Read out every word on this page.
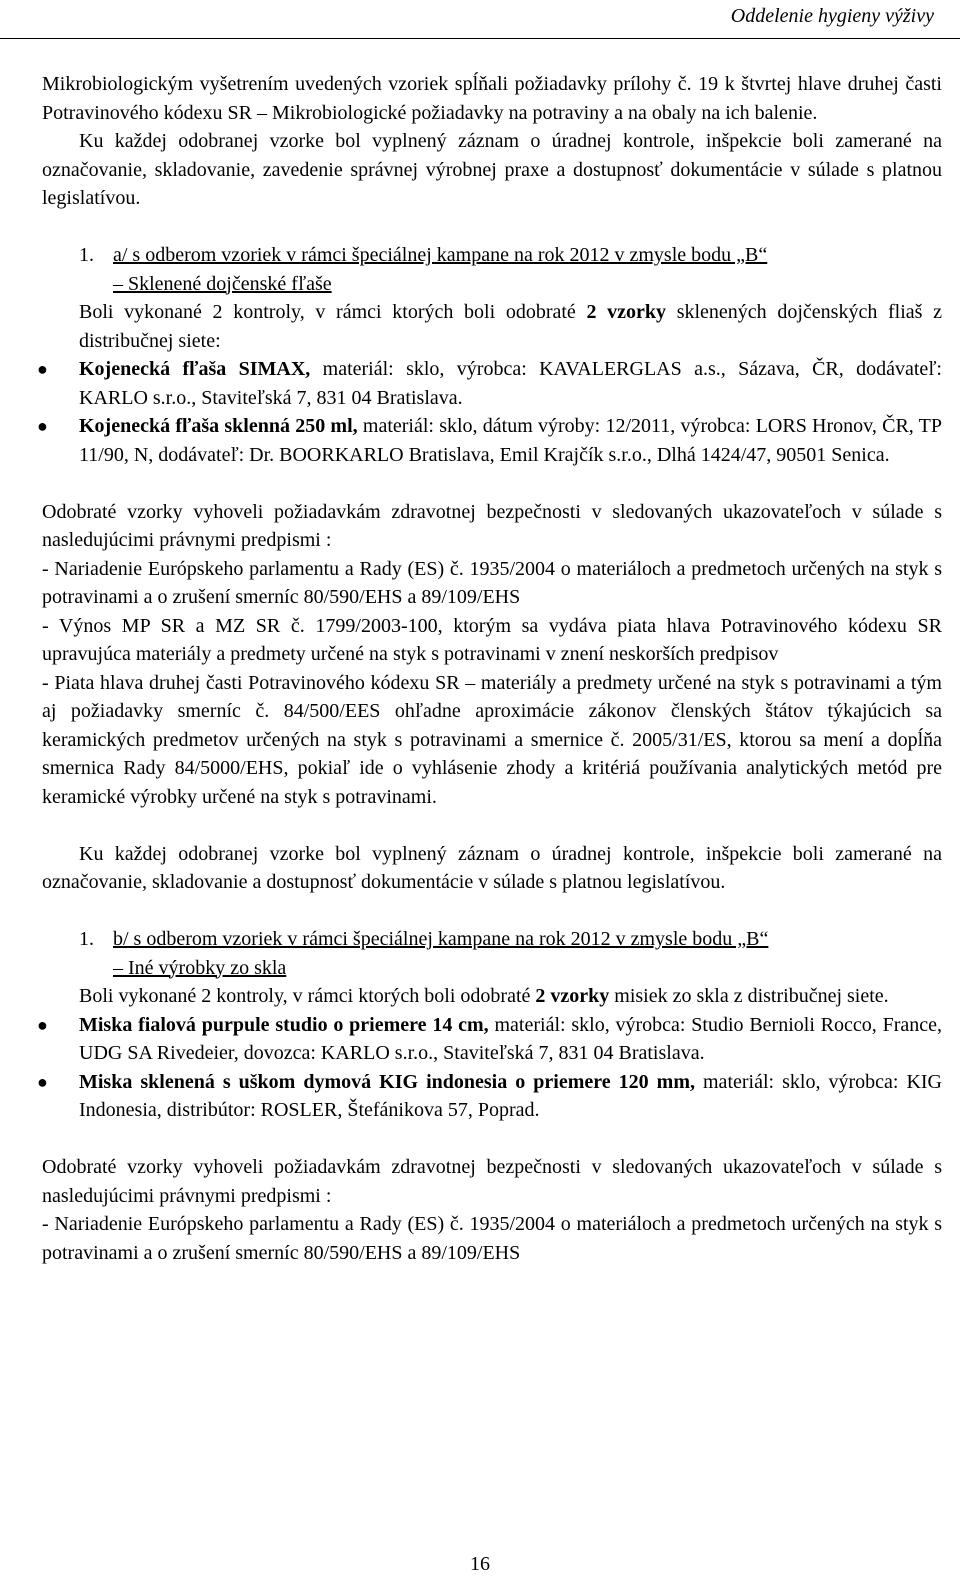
Oddelenie hygieny výživy

Mikrobiologickým vyšetrením uvedených vzoriek spĺňali požiadavky prílohy č. 19 k štvrtej hlave druhej časti Potravinového kódexu SR – Mikrobiologické požiadavky na potraviny a na obaly na ich balenie.

Ku každej odobranej vzorke bol vyplnený záznam o úradnej kontrole, inšpekcie boli zamerané na označovanie, skladovanie, zavedenie správnej výrobnej praxe a dostupnosť dokumentácie v súlade s platnou legislatívou.

1. a/ s odberom vzoriek v rámci špeciálnej kampane na rok 2012 v zmysle bodu „B“
– Sklenené dojčenské fľaše

Boli vykonané 2 kontroly, v rámci ktorých boli odobraté 2 vzorky sklenených dojčenských fliaš z distribučnej siete:

● Kojenecká fľaša SIMAX, materiál: sklo, výrobca: KAVALERGLAS a.s., Sázava, ČR, dodávateľ: KARLO s.r.o., Staviteľská 7, 831 04 Bratislava.
● Kojenecká fľaša sklenná 250 ml, materiál: sklo, dátum výroby: 12/2011, výrobca: LORS Hronov, ČR, TP 11/90, N, dodávateľ: Dr. BOORKARLO Bratislava, Emil Krajčík s.r.o., Dlhá 1424/47, 90501 Senica.

Odobraté vzorky vyhoveli požiadavkám zdravotnej bezpečnosti v sledovaných ukazovateľoch v súlade s nasledujúcimi právnymi predpismi :

- Nariadenie Európskeho parlamentu a Rady (ES) č. 1935/2004 o materiáloch a predmetoch určených na styk s potravinami a o zrušení smerníc 80/590/EHS a 89/109/EHS

- Výnos MP SR a MZ SR č. 1799/2003-100, ktorým sa vydáva piata hlava Potravinového kódexu SR upravujúca materiály a predmety určené na styk s potravinami v znení neskorších predpisov

- Piata hlava druhej časti Potravinového kódexu SR – materiály a predmety určené na styk s potravinami a tým aj požiadavky smerníc č. 84/500/EES ohľadne aproximácie zákonov členských štátov týkajúcich sa keramických predmetov určených na styk s potravinami a smernice č. 2005/31/ES, ktorou sa mení a dopĺňa smernica Rady 84/5000/EHS, pokiaľ ide o vyhlásenie zhody a kritériá používania analytických metód pre keramické výrobky určené na styk s potravinami.

Ku každej odobranej vzorke bol vyplnený záznam o úradnej kontrole, inšpekcie boli zamerané na označovanie, skladovanie a dostupnosť dokumentácie v súlade s platnou legislatívou.

1. b/ s odberom vzoriek v rámci špeciálnej kampane na rok 2012 v zmysle bodu „B“
– Iné výrobky zo skla

Boli vykonané 2 kontroly, v rámci ktorých boli odobraté 2 vzorky misiek zo skla z distribučnej siete.

● Miska fialová purpule studio o priemere 14 cm, materiál: sklo, výrobca: Studio Bernioli Rocco, France, UDG SA Rivedeier, dovozca: KARLO s.r.o., Staviteľská 7, 831 04 Bratislava.
● Miska sklenená s uškom dymová KIG indonesia o priemere 120 mm, materiál: sklo, výrobca: KIG Indonesia, distribútor: ROSLER, Štefánikova 57, Poprad.

Odobraté vzorky vyhoveli požiadavkám zdravotnej bezpečnosti v sledovaných ukazovateľoch v súlade s nasledujúcimi právnymi predpismi :

- Nariadenie Európskeho parlamentu a Rady (ES) č. 1935/2004 o materiáloch a predmetoch určených na styk s potravinami a o zrušení smerníc 80/590/EHS a 89/109/EHS

16
